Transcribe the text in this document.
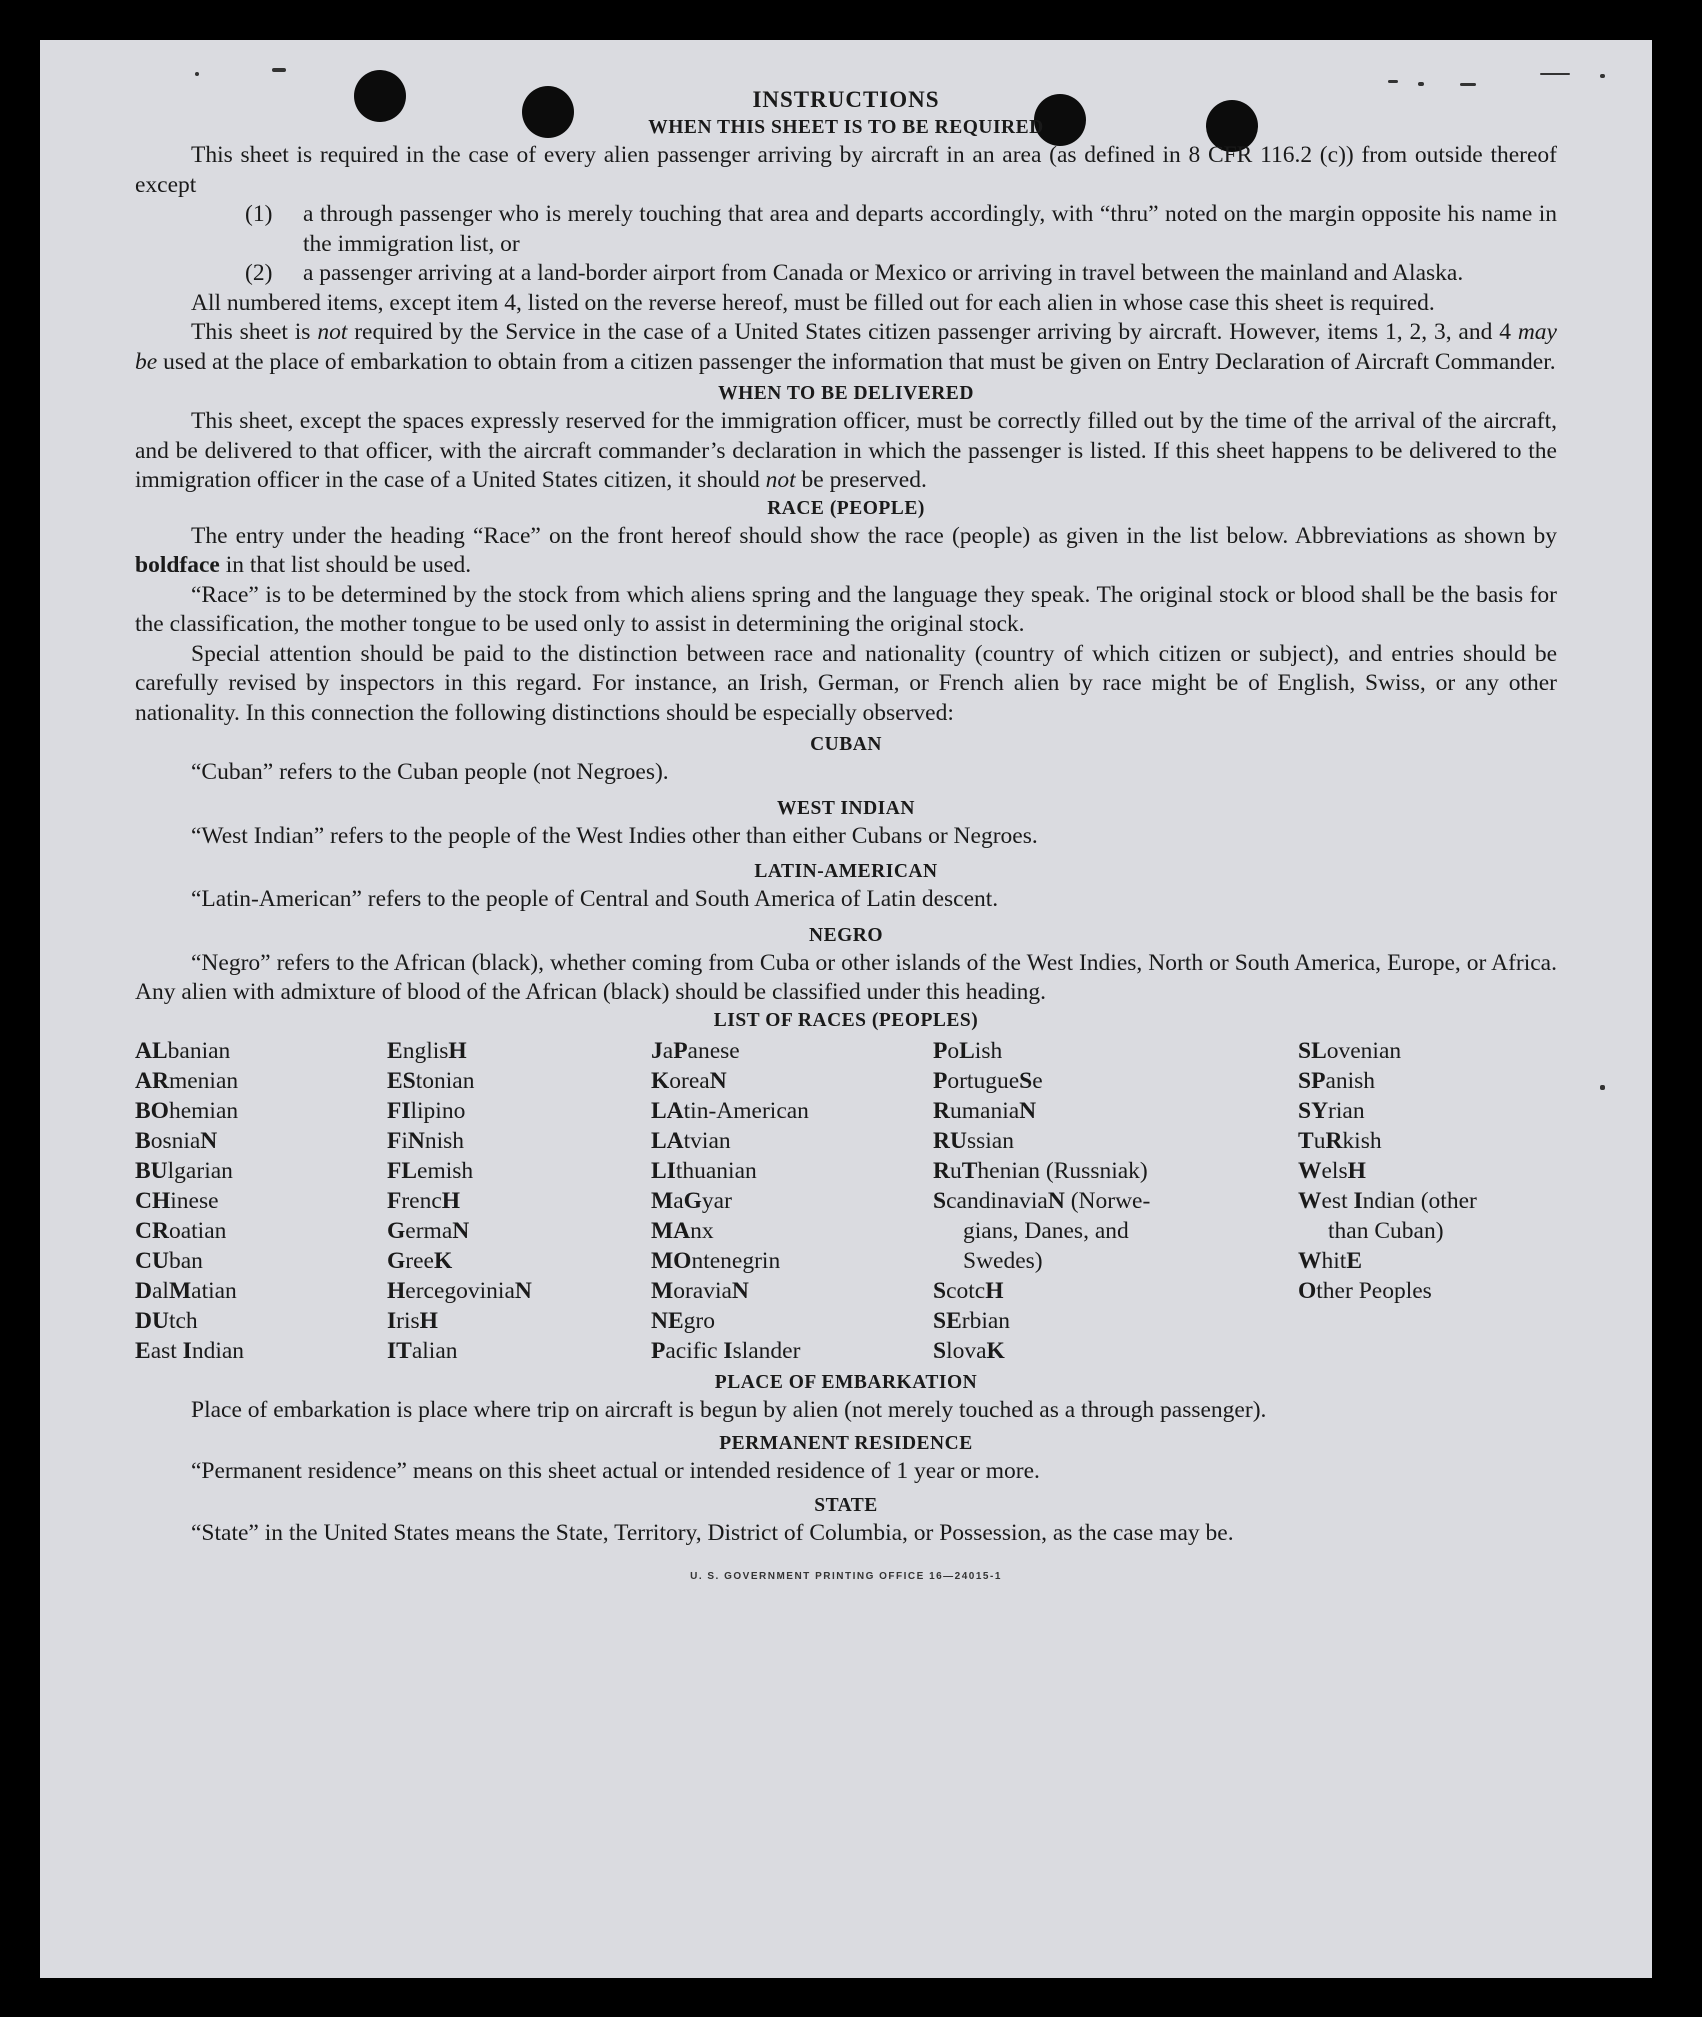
INSTRUCTIONS
WHEN THIS SHEET IS TO BE REQUIRED

This sheet is required in the case of every alien passenger arriving by aircraft in an area (as defined in 8 CFR 116.2 (c)) from outside thereof except

(1)	a through passenger who is merely touching that area and departs accordingly, with “thru” noted on the margin opposite his name in the immigration list, or
(2)	a passenger arriving at a land-border airport from Canada or Mexico or arriving in travel between the mainland and Alaska.

All numbered items, except item 4, listed on the reverse hereof, must be filled out for each alien in whose case this sheet is required.

This sheet is not required by the Service in the case of a United States citizen passenger arriving by aircraft. However, items 1, 2, 3, and 4 may be used at the place of embarkation to obtain from a citizen passenger the information that must be given on Entry Declaration of Aircraft Commander.

WHEN TO BE DELIVERED

This sheet, except the spaces expressly reserved for the immigration officer, must be correctly filled out by the time of the arrival of the aircraft, and be delivered to that officer, with the aircraft commander’s declaration in which the passenger is listed. If this sheet happens to be delivered to the immigration officer in the case of a United States citizen, it should not be preserved.

RACE (PEOPLE)

The entry under the heading “Race” on the front hereof should show the race (people) as given in the list below. Abbreviations as shown by boldface in that list should be used.

“Race” is to be determined by the stock from which aliens spring and the language they speak. The original stock or blood shall be the basis for the classification, the mother tongue to be used only to assist in determining the original stock.

Special attention should be paid to the distinction between race and nationality (country of which citizen or subject), and entries should be carefully revised by inspectors in this regard. For instance, an Irish, German, or French alien by race might be of English, Swiss, or any other nationality. In this connection the following distinctions should be especially observed:

CUBAN

“Cuban” refers to the Cuban people (not Negroes).

WEST INDIAN

“West Indian” refers to the people of the West Indies other than either Cubans or Negroes.

LATIN-AMERICAN

“Latin-American” refers to the people of Central and South America of Latin descent.

NEGRO

“Negro” refers to the African (black), whether coming from Cuba or other islands of the West Indies, North or South America, Europe, or Africa. Any alien with admixture of blood of the African (black) should be classified under this heading.

LIST OF RACES (PEOPLES)
ALbanian
ARmenian
BOhemian
BosniaN
BUlgarian
CHinese
CRoatian
CUban
DalMatian
DUtch
East Indian
EnglisH
EStonian
FIlipino
FiNnish
FLemish
FrencH
GermaN
GreeK
HercegoviniaN
IrisH
ITalian
JaPanese
KoreaN
LAtin-American
LAtvian
LIthuanian
MaGyar
MAnx
MOntenegrin
MoraviaN
NEgro
Pacific Islander
PoLish
PortugueSe
RumaniaN
RUssian
RuThenian (Russniak)
ScandinaviaN (Norwe-
gians, Danes, and
Swedes)
ScotcH
SErbian
SlovaK
SLovenian
SPanish
SYrian
TuRkish
WelsH
West Indian (other
than Cuban)
WhitE
Other Peoples
PLACE OF EMBARKATION

Place of embarkation is place where trip on aircraft is begun by alien (not merely touched as a through passenger).

PERMANENT RESIDENCE

“Permanent residence” means on this sheet actual or intended residence of 1 year or more.

STATE

“State” in the United States means the State, Territory, District of Columbia, or Possession, as the case may be.

U. S. GOVERNMENT PRINTING OFFICE 16—24015-1
